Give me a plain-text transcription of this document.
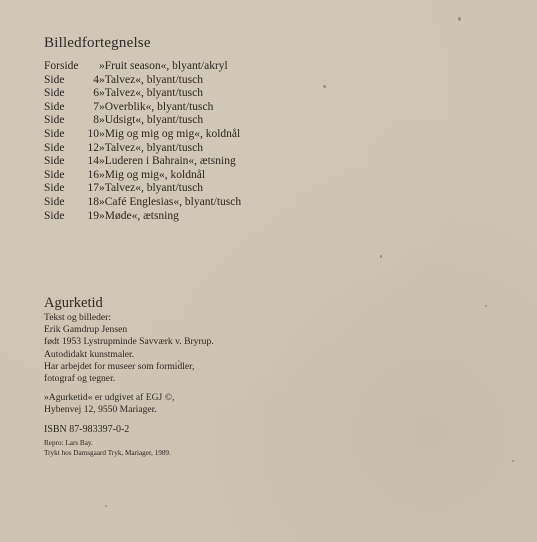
Billedfortegnelse
Forside »Fruit season«, blyant/akryl
Side	4 »Talvez«, blyant/tusch
Side	6 »Talvez«, blyant/tusch
Side	7 »Overblik«, blyant/tusch
Side	8 »Udsigt«, blyant/tusch
Side	10 »Mig og mig og mig«, koldnål
Side	12 »Talvez«, blyant/tusch
Side	14 »Luderen i Bahrain«, ætsning
Side	16 »Mig og mig«, koldnål
Side	17 »Talvez«, blyant/tusch
Side	18 »Café Englesias«, blyant/tusch
Side	19 »Møde«, ætsning
Agurketid
Tekst og billeder:
Erik Gamdrup Jensen
født 1953 Lystrupminde Savværk v. Bryrup.
Autodidakt kunstmaler.
Har arbejdet for museer som formidler,
fotograf og tegner.
»Agurketid« er udgivet af EGJ ©,
Hybenvej 12, 9550 Mariager.
ISBN 87-983397-0-2
Repro: Lars Bay.
Trykt hos Damsgaard Tryk, Mariager, 1989.
